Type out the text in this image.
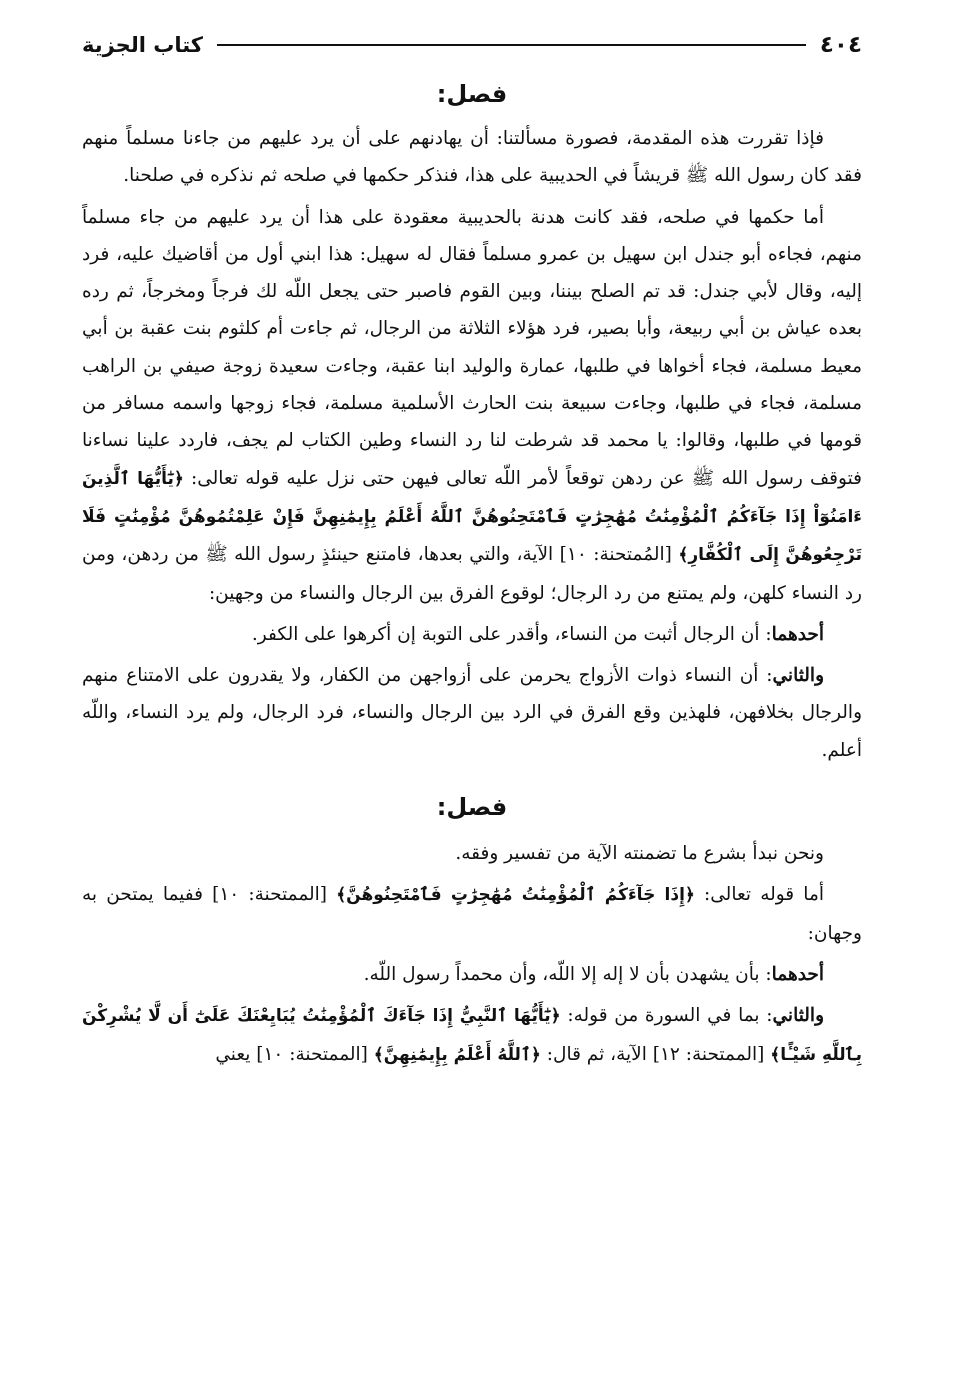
٤٠٤
كتاب الجزية
فصل:

فإذا تقررت هذه المقدمة، فصورة مسألتنا: أن يهادنهم على أن يرد عليهم من جاءنا مسلماً منهم فقد كان رسول الله ﷺ قريشاً في الحديبية على هذا، فنذكر حكمها في صلحه ثم نذكره في صلحنا.

أما حكمها في صلحه، فقد كانت هدنة بالحديبية معقودة على هذا أن يرد عليهم من جاء مسلماً منهم، فجاءه أبو جندل ابن سهيل بن عمرو مسلماً فقال له سهيل: هذا ابني أول من أقاضيك عليه، فرد إليه، وقال لأبي جندل: قد تم الصلح بيننا، وبين القوم فاصبر حتى يجعل اللّه لك فرجاً ومخرجاً، ثم رده بعده عياش بن أبي ربيعة، وأبا بصير، فرد هؤلاء الثلاثة من الرجال، ثم جاءت أم كلثوم بنت عقبة بن أبي معيط مسلمة، فجاء أخواها في طلبها، عمارة والوليد ابنا عقبة، وجاءت سعيدة زوجة صيفي بن الراهب مسلمة، فجاء في طلبها، وجاءت سبيعة بنت الحارث الأسلمية مسلمة، فجاء زوجها واسمه مسافر من قومها في طلبها، وقالوا: يا محمد قد شرطت لنا رد النساء وطين الكتاب لم يجف، فاردد علينا نساءنا فتوقف رسول الله ﷺ عن ردهن توقعاً لأمر اللّه تعالى فيهن حتى نزل عليه قوله تعالى: ﴿يَٰٓأَيُّهَا ٱلَّذِينَ ءَامَنُوٓاْ إِذَا جَآءَكُمُ ٱلْمُؤْمِنَٰتُ مُهَٰجِرَٰتٍ فَٱمْتَحِنُوهُنَّ ٱللَّهُ أَعْلَمُ بِإِيمَٰنِهِنَّ فَإِنْ عَلِمْتُمُوهُنَّ مُؤْمِنَٰتٍ فَلَا تَرْجِعُوهُنَّ إِلَى ٱلْكُفَّارِ﴾ [المُمتحنة: ١٠] الآية، والتي بعدها، فامتنع حينئذٍ رسول الله ﷺ من ردهن، ومن رد النساء كلهن، ولم يمتنع من رد الرجال؛ لوقوع الفرق بين الرجال والنساء من وجهين:

أحدهما: أن الرجال أثبت من النساء، وأقدر على التوبة إن أكرهوا على الكفر.

والثاني: أن النساء ذوات الأزواج يحرمن على أزواجهن من الكفار، ولا يقدرون على الامتناع منهم والرجال بخلافهن، فلهذين وقع الفرق في الرد بين الرجال والنساء، فرد الرجال، ولم يرد النساء، واللّه أعلم.

فصل:

ونحن نبدأ بشرع ما تضمنته الآية من تفسير وفقه.

أما قوله تعالى: ﴿إِذَا جَآءَكُمُ ٱلْمُؤْمِنَٰتُ مُهَٰجِرَٰتٍ فَٱمْتَحِنُوهُنَّ﴾ [الممتحنة: ١٠] ففيما يمتحن به وجهان:

أحدهما: بأن يشهدن بأن لا إله إلا اللّه، وأن محمداً رسول اللّه.

والثاني: بما في السورة من قوله: ﴿يَٰٓأَيُّهَا ٱلنَّبِيُّ إِذَا جَآءَكَ ٱلْمُؤْمِنَٰتُ يُبَايِعْنَكَ عَلَىٰٓ أَن لَّا يُشْرِكْنَ بِٱللَّهِ شَيْـًٔا﴾ [الممتحنة: ١٢] الآية، ثم قال: ﴿ٱللَّهُ أَعْلَمُ بِإِيمَٰنِهِنَّ﴾ [الممتحنة: ١٠] يعني
